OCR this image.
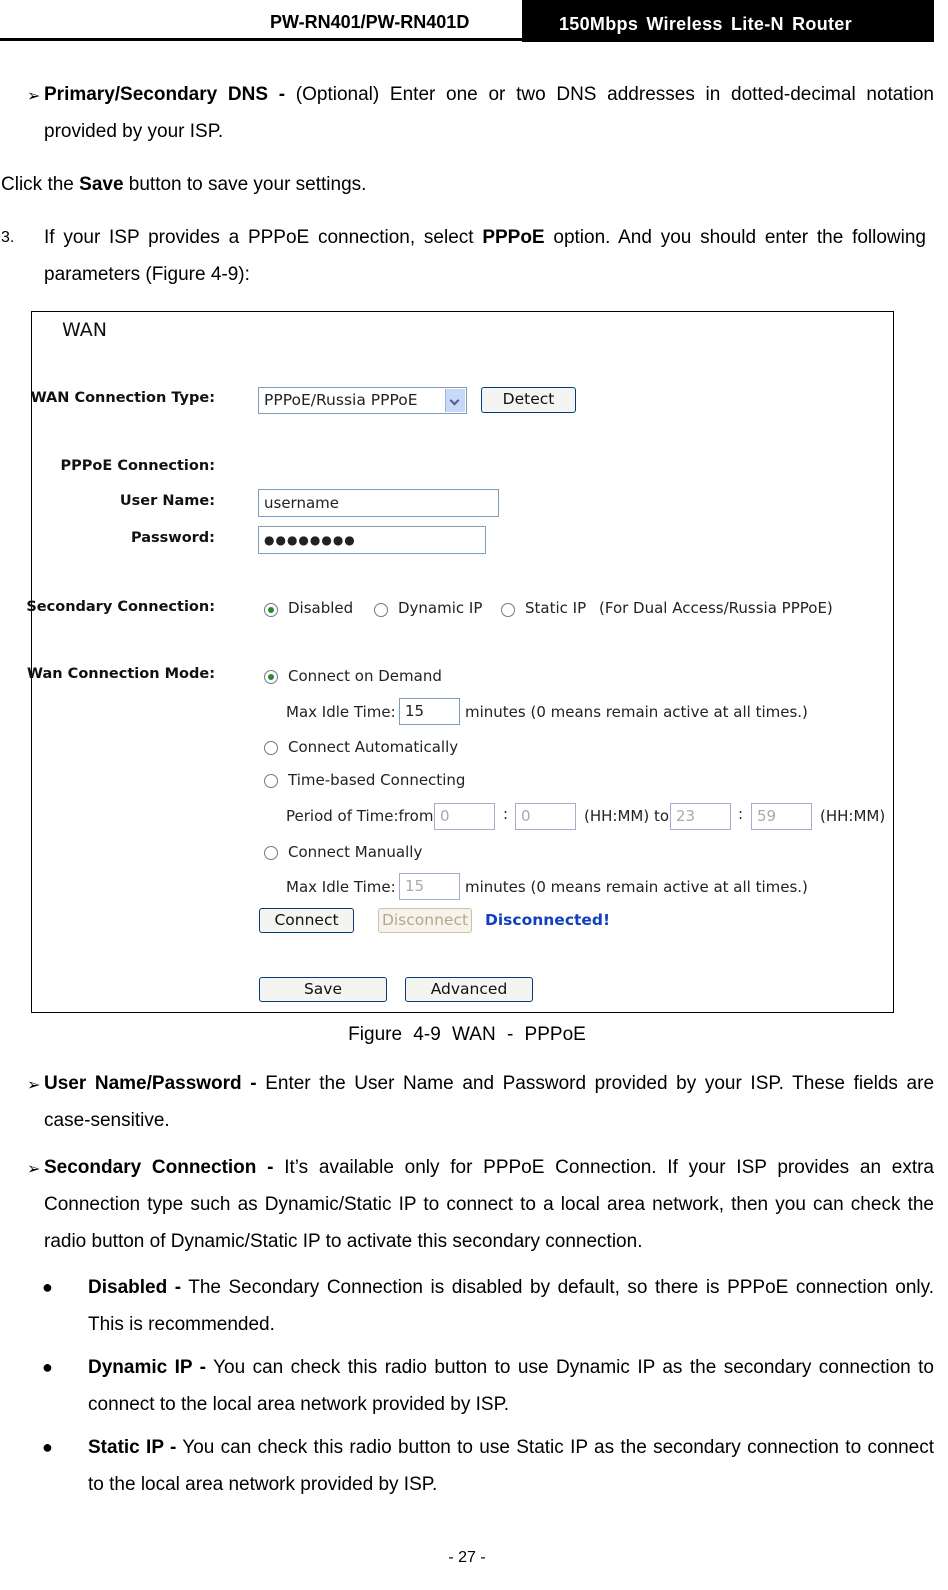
PW-RN401/PW-RN401D	150Mbps Wireless Lite-N Router
➢ Primary/Secondary DNS - (Optional) Enter one or two DNS addresses in dotted-decimal notation provided by your ISP.
Click the Save button to save your settings.
3. If your ISP provides a PPPoE connection, select PPPoE option. And you should enter the following parameters (Figure 4-9):
WAN
WAN Connection Type:	PPPoE/Russia PPPoE	Detect
PPPoE Connection:
User Name:	username
Password:	●●●●●●●●
Secondary Connection:	Disabled	Dynamic IP	Static IP (For Dual Access/Russia PPPoE)
Wan Connection Mode:	Connect on Demand
Max Idle Time: 15	minutes (0 means remain active at all times.)
Connect Automatically
Time-based Connecting
Period of Time:from 0	: 0	(HH:MM) to 23	: 59	(HH:MM)
Connect Manually
Max Idle Time: 15	minutes (0 means remain active at all times.)
Connect	Disconnect Disconnected!
Save	Advanced
Figure 4-9 WAN - PPPoE
➢ User Name/Password - Enter the User Name and Password provided by your ISP. These fields are case-sensitive.
➢ Secondary Connection - It’s available only for PPPoE Connection. If your ISP provides an extra Connection type such as Dynamic/Static IP to connect to a local area network, then you can check the radio button of Dynamic/Static IP to activate this secondary connection.
● Disabled - The Secondary Connection is disabled by default, so there is PPPoE connection only. This is recommended.
● Dynamic IP - You can check this radio button to use Dynamic IP as the secondary connection to connect to the local area network provided by ISP.
● Static IP - You can check this radio button to use Static IP as the secondary connection to connect to the local area network provided by ISP.
- 27 -
